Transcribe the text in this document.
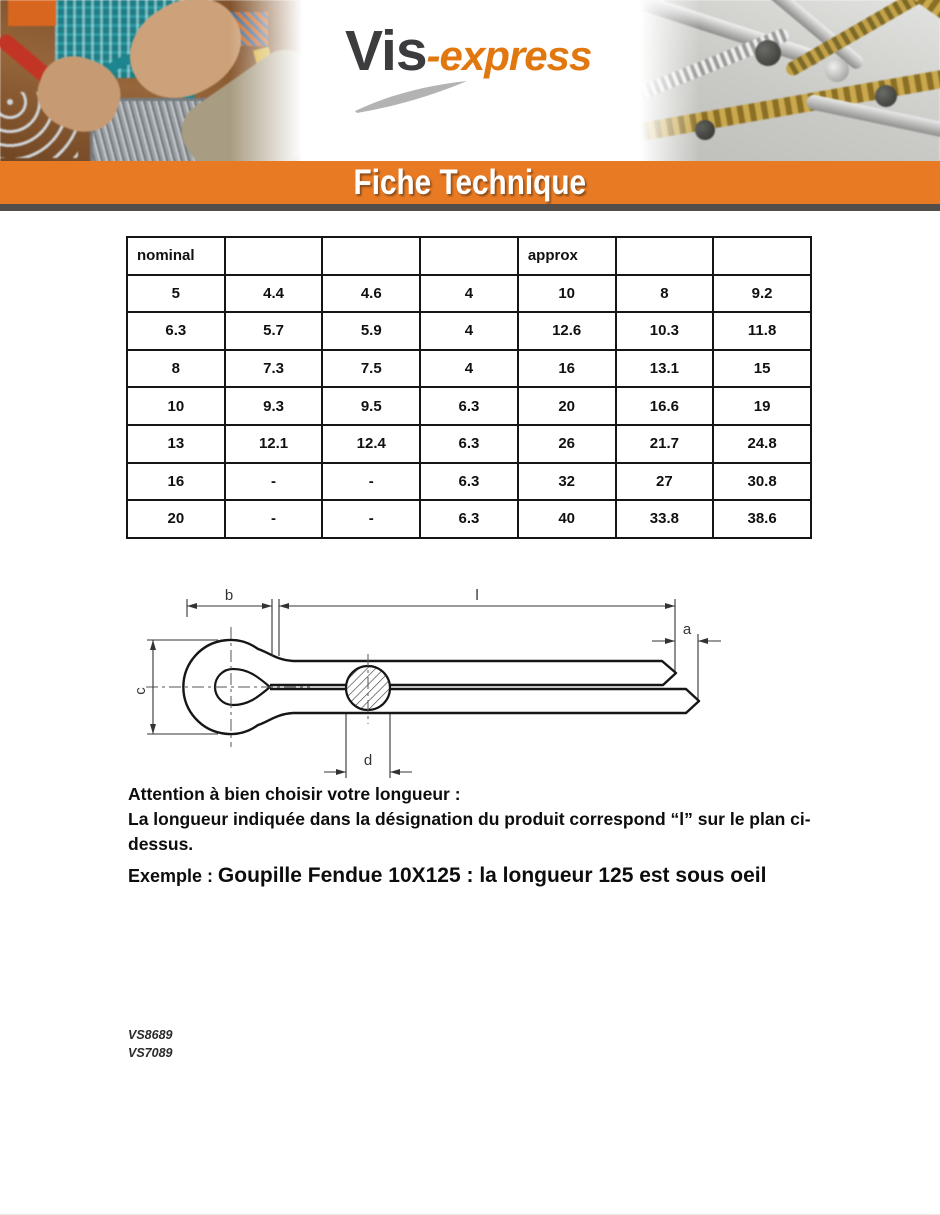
Vis-express
Fiche Technique
nominal				approx		
5	4.4	4.6	4	10	8	9.2
6.3	5.7	5.9	4	12.6	10.3	11.8
8	7.3	7.5	4	16	13.1	15
10	9.3	9.5	6.3	20	16.6	19
13	12.1	12.4	6.3	26	21.7	24.8
16	-	-	6.3	32	27	30.8
20	-	-	6.3	40	33.8	38.6
b	l
a
c
d

Attention à bien choisir votre longueur :

La longueur indiquée dans la désignation du produit correspond “l” sur le plan ci-dessus.

Exemple : Goupille Fendue 10X125 : la longueur 125 est sous oeil

VS8689
VS7089
